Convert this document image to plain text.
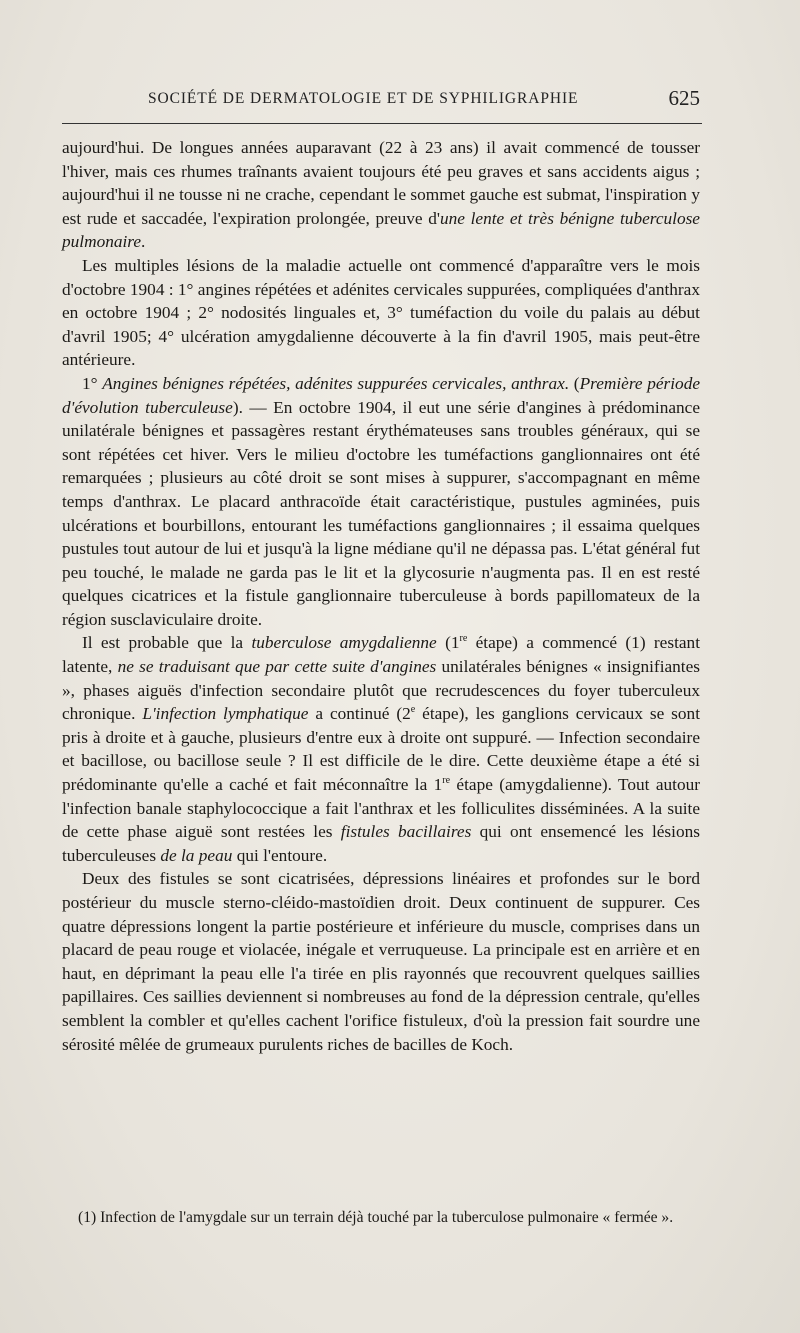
SOCIÉTÉ DE DERMATOLOGIE ET DE SYPHILIGRAPHIE	625

aujourd'hui. De longues années auparavant (22 à 23 ans) il avait commencé de tousser l'hiver, mais ces rhumes traînants avaient toujours été peu graves et sans accidents aigus ; aujourd'hui il ne tousse ni ne crache, cependant le sommet gauche est submat, l'inspiration y est rude et saccadée, l'expiration prolongée, preuve d'une lente et très bénigne tuberculose pulmonaire.

Les multiples lésions de la maladie actuelle ont commencé d'apparaître vers le mois d'octobre 1904 : 1° angines répétées et adénites cervicales suppurées, compliquées d'anthrax en octobre 1904 ; 2° nodosités linguales et, 3° tuméfaction du voile du palais au début d'avril 1905; 4° ulcération amygdalienne découverte à la fin d'avril 1905, mais peut-être antérieure.

1° Angines bénignes répétées, adénites suppurées cervicales, anthrax. (Première période d'évolution tuberculeuse). — En octobre 1904, il eut une série d'angines à prédominance unilatérale bénignes et passagères restant érythémateuses sans troubles généraux, qui se sont répétées cet hiver. Vers le milieu d'octobre les tuméfactions ganglionnaires ont été remarquées ; plusieurs au côté droit se sont mises à suppurer, s'accompagnant en même temps d'anthrax. Le placard anthracoïde était caractéristique, pustules agminées, puis ulcérations et bourbillons, entourant les tuméfactions ganglionnaires ; il essaima quelques pustules tout autour de lui et jusqu'à la ligne médiane qu'il ne dépassa pas. L'état général fut peu touché, le malade ne garda pas le lit et la glycosurie n'augmenta pas. Il en est resté quelques cicatrices et la fistule ganglionnaire tuberculeuse à bords papillomateux de la région susclaviculaire droite.

Il est probable que la tuberculose amygdalienne (1re étape) a commencé (1) restant latente, ne se traduisant que par cette suite d'angines unilatérales bénignes « insignifiantes », phases aiguës d'infection secondaire plutôt que recrudescences du foyer tuberculeux chronique. L'infection lymphatique a continué (2e étape), les ganglions cervicaux se sont pris à droite et à gauche, plusieurs d'entre eux à droite ont suppuré. — Infection secondaire et bacillose, ou bacillose seule ? Il est difficile de le dire. Cette deuxième étape a été si prédominante qu'elle a caché et fait méconnaître la 1re étape (amygdalienne). Tout autour l'infection banale staphylococcique a fait l'anthrax et les folliculites disséminées. A la suite de cette phase aiguë sont restées les fistules bacillaires qui ont ensemencé les lésions tuberculeuses de la peau qui l'entoure.

Deux des fistules se sont cicatrisées, dépressions linéaires et profondes sur le bord postérieur du muscle sterno-cléido-mastoïdien droit. Deux continuent de suppurer. Ces quatre dépressions longent la partie postérieure et inférieure du muscle, comprises dans un placard de peau rouge et violacée, inégale et verruqueuse. La principale est en arrière et en haut, en déprimant la peau elle l'a tirée en plis rayonnés que recouvrent quelques saillies papillaires. Ces saillies deviennent si nombreuses au fond de la dépression centrale, qu'elles semblent la combler et qu'elles cachent l'orifice fistuleux, d'où la pression fait sourdre une sérosité mêlée de grumeaux purulents riches de bacilles de Koch.

(1) Infection de l'amygdale sur un terrain déjà touché par la tuberculose pulmonaire « fermée ».
